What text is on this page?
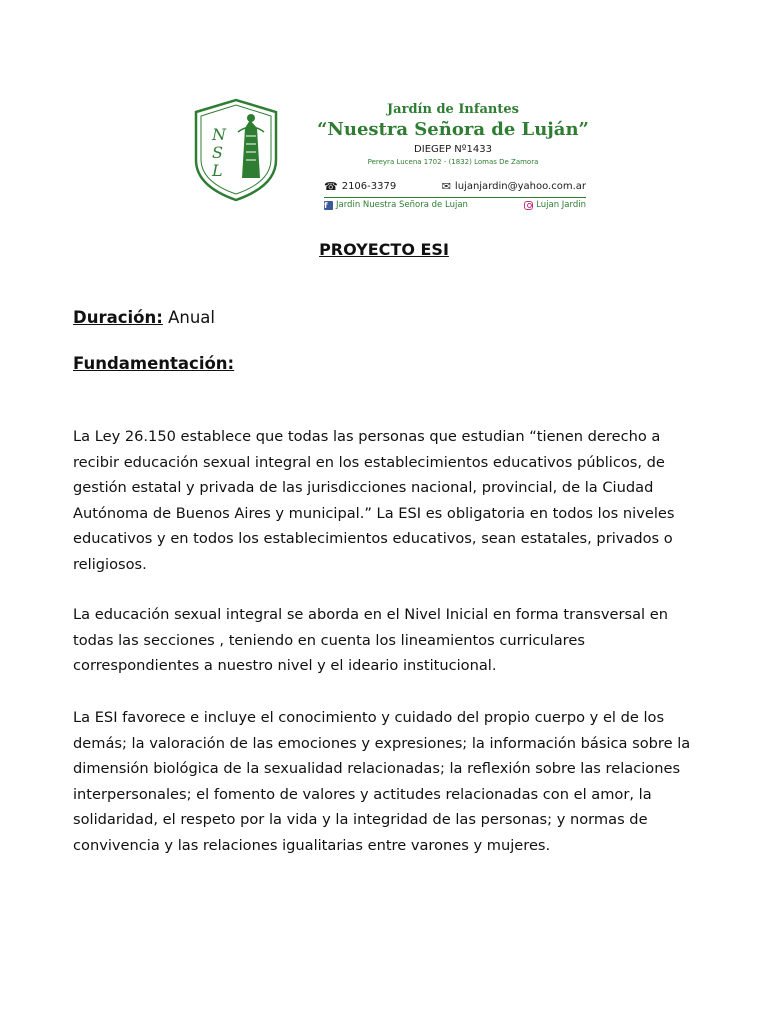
N
S
L
Jardín de Infantes
“Nuestra Señora de Luján”
DIEGEP Nº1433
Pereyra Lucena 1702 - (1832) Lomas De Zamora
☎ 2106-3379	✉ lujanjardin@yahoo.com.ar
f	Jardin Nuestra Señora de Lujan	Lujan Jardin
PROYECTO ESI
Duración: Anual
Fundamentación:

La Ley 26.150 establece que todas las personas que estudian “tienen derecho a recibir educación sexual integral en los establecimientos educativos públicos, de gestión estatal y privada de las jurisdicciones nacional, provincial, de la Ciudad Autónoma de Buenos Aires y municipal.” La ESI es obligatoria en todos los niveles educativos y en todos los establecimientos educativos, sean estatales, privados o religiosos.

La educación sexual integral se aborda en el Nivel Inicial en forma transversal en todas las secciones , teniendo en cuenta los lineamientos curriculares correspondientes a nuestro nivel y el ideario institucional.

La ESI favorece e incluye el conocimiento y cuidado del propio cuerpo y el de los demás; la valoración de las emociones y expresiones; la información básica sobre la dimensión biológica de la sexualidad relacionadas; la reflexión sobre las relaciones interpersonales; el fomento de valores y actitudes relacionadas con el amor, la solidaridad, el respeto por la vida y la integridad de las personas; y normas de convivencia y las relaciones igualitarias entre varones y mujeres.
